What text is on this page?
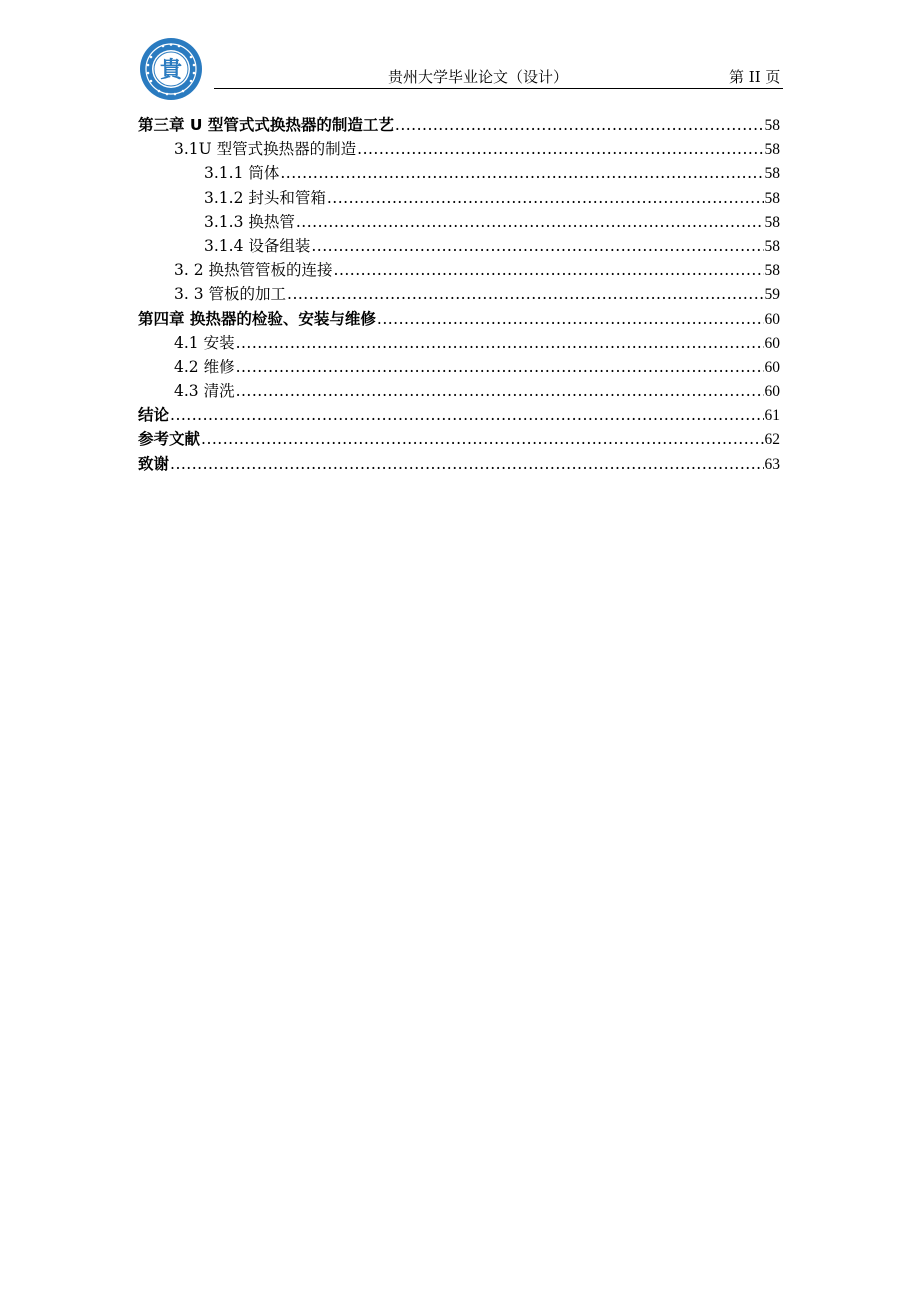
貴	贵州大学毕业论文（设计）	第 II 页
第三章 U 型管式式换热器的制造工艺 .....	58
3.1U 型管式换热器的制造 .....	58
3.1.1 筒体 .....	58
3.1.2 封头和管箱 .....	58
3.1.3 换热管 .....	58
3.1.4 设备组装 .....	58
3. 2 换热管管板的连接 .....	58
3. 3 管板的加工 .....	59
第四章 换热器的检验、安装与维修 .....	60
4.1 安装 .....	60
4.2 维修 .....	60
4.3 清洗 .....	60
结论 .....	61
参考文献 .....	62
致谢 .....	63
